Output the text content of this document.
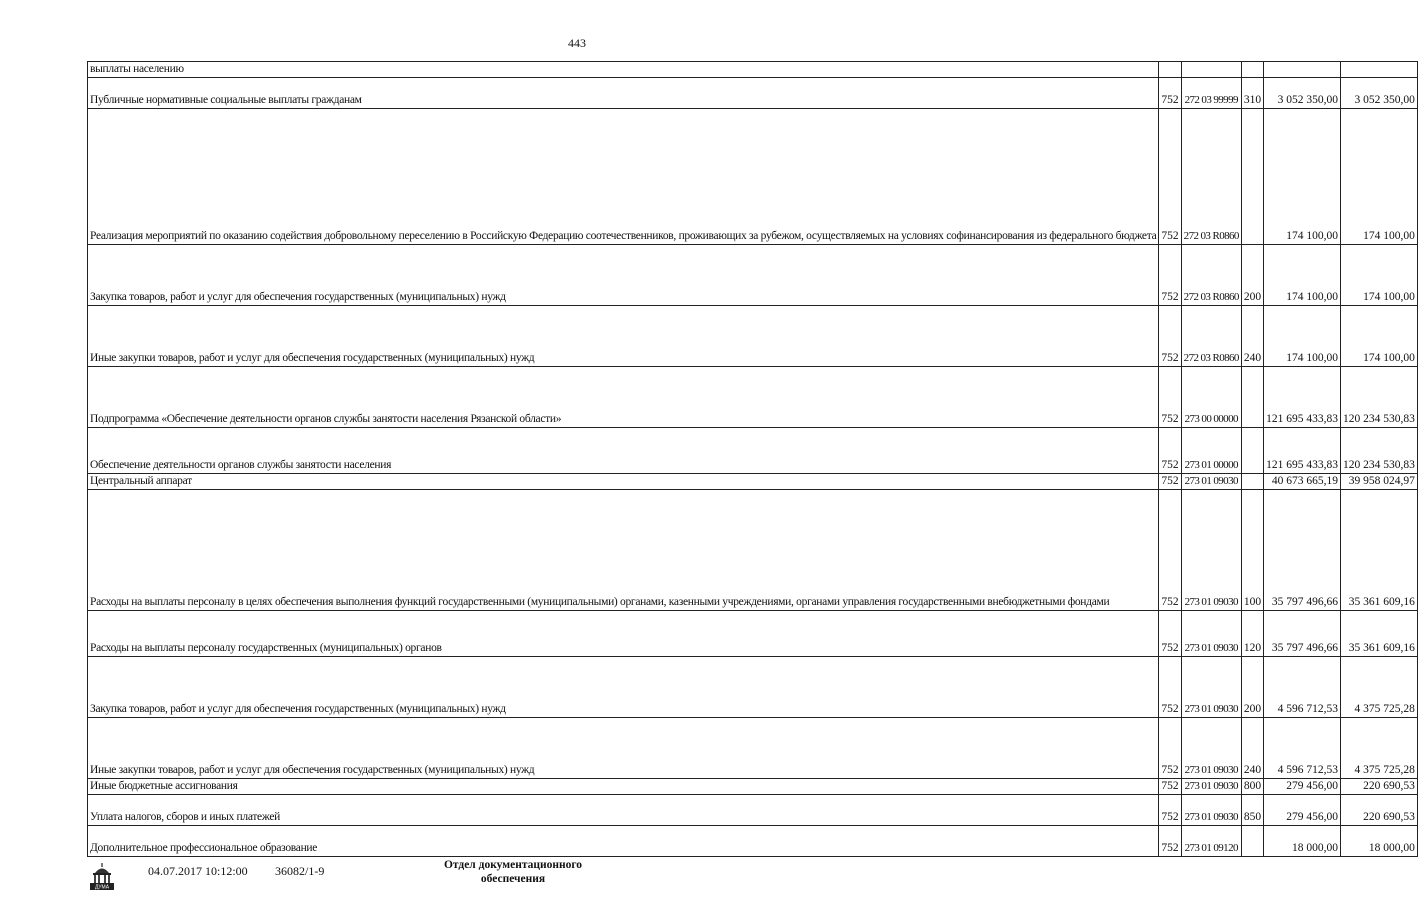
443
выплаты населению					
Публичные нормативные социальные выплаты гражданам	752	272 03 99999	310	3 052 350,00	3 052 350,00
Реализация мероприятий по оказанию содействия добровольному переселению в Российскую Федерацию соотечественников, проживающих за рубежом, осуществляемых на условиях софинансирования из федерального бюджета	752	272 03 R0860		174 100,00	174 100,00
Закупка товаров, работ и услуг для обеспечения государственных (муниципальных) нужд	752	272 03 R0860	200	174 100,00	174 100,00
Иные закупки товаров, работ и услуг для обеспечения государственных (муниципальных) нужд	752	272 03 R0860	240	174 100,00	174 100,00
Подпрограмма «Обеспечение деятельности органов службы занятости населения Рязанской области»	752	273 00 00000		121 695 433,83	120 234 530,83
Обеспечение деятельности органов службы занятости населения	752	273 01 00000		121 695 433,83	120 234 530,83
Центральный аппарат	752	273 01 09030		40 673 665,19	39 958 024,97
Расходы на выплаты персоналу в целях обеспечения выполнения функций государственными (муниципальными) органами, казенными учреждениями, органами управления государственными внебюджетными фондами	752	273 01 09030	100	35 797 496,66	35 361 609,16
Расходы на выплаты персоналу государственных (муниципальных) органов	752	273 01 09030	120	35 797 496,66	35 361 609,16
Закупка товаров, работ и услуг для обеспечения государственных (муниципальных) нужд	752	273 01 09030	200	4 596 712,53	4 375 725,28
Иные закупки товаров, работ и услуг для обеспечения государственных (муниципальных) нужд	752	273 01 09030	240	4 596 712,53	4 375 725,28
Иные бюджетные ассигнования	752	273 01 09030	800	279 456,00	220 690,53
Уплата налогов, сборов и иных платежей	752	273 01 09030	850	279 456,00	220 690,53
Дополнительное профессиональное образование	752	273 01 09120		18 000,00	18 000,00
ДУМА
04.07.2017 10:12:00 36082/1-9	Отдел документационного
обеспечения
